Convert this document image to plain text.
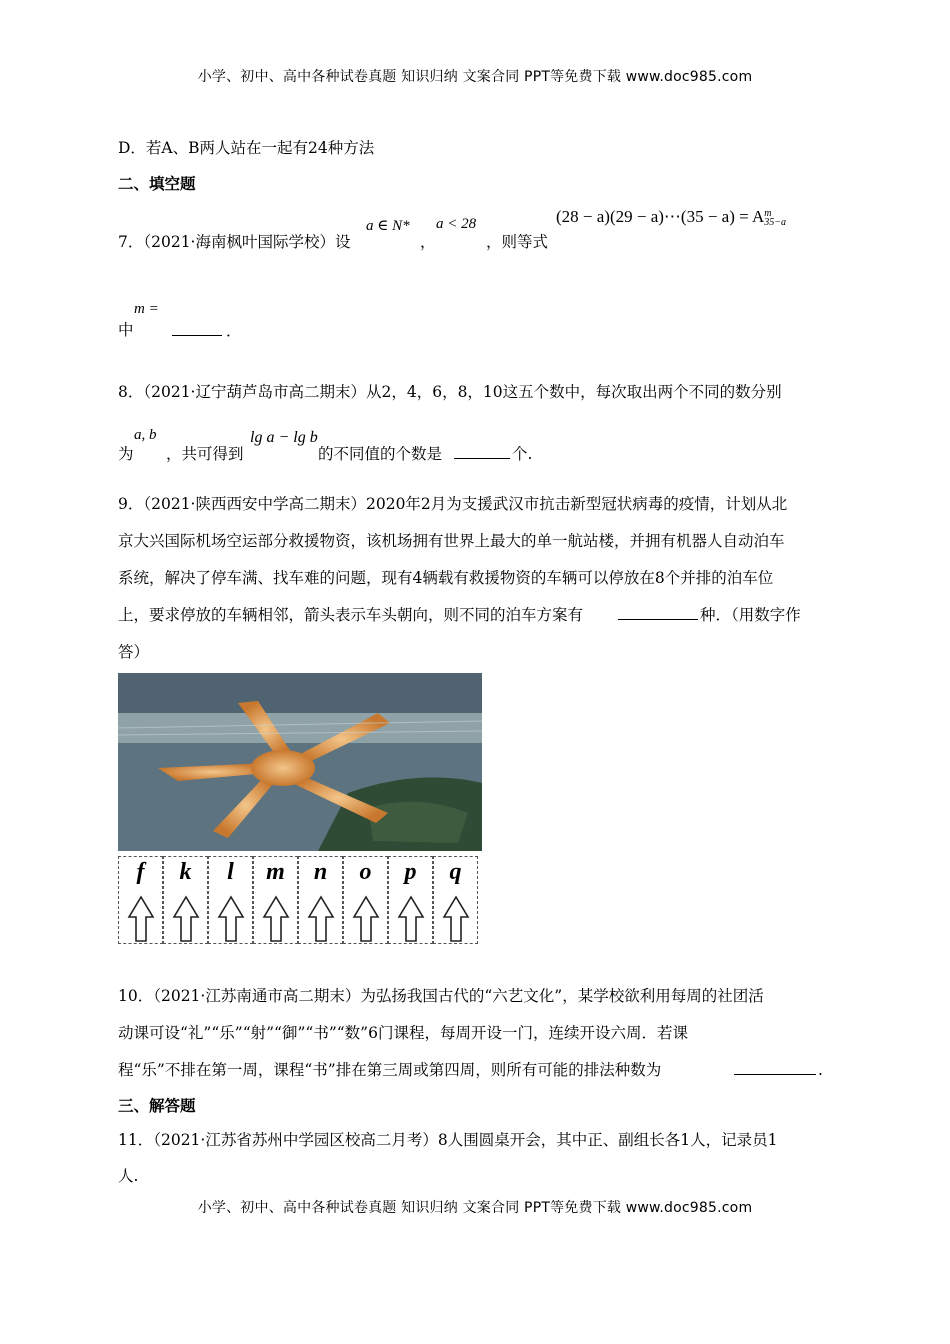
小学、初中、高中各种试卷真题 知识归纳 文案合同 PPT等免费下载 www.doc985.com
D．若A、B两人站在一起有24种方法
二、填空题
7．（2021·海南枫叶国际学校）设
a ∈ N*
，
a < 28
，则等式
(28 − a)(29 − a)⋯(35 − a) = A m
35−a
m =
中	．
8．（2021·辽宁葫芦岛市高二期末）从2，4，6，8，10这五个数中，每次取出两个不同的数分别
为
a, b
，共可得到
lg a − lg b
的不同值的个数是	个.
9．（2021·陕西西安中学高二期末）2020年2月为支援武汉市抗击新型冠状病毒的疫情，计划从北
京大兴国际机场空运部分救援物资，该机场拥有世界上最大的单一航站楼，并拥有机器人自动泊车
系统，解决了停车满、找车难的问题，现有4辆载有救援物资的车辆可以停放在8个并排的泊车位
上，要求停放的车辆相邻，箭头表示车头朝向，则不同的泊车方案有	种．（用数字作
答）
f	k	l	m	n	o	p	q
10．（2021·江苏南通市高二期末）为弘扬我国古代的“六艺文化”，某学校欲利用每周的社团活
动课可设“礼”“乐”“射”“御”“书”“数”6门课程，每周开设一门，连续开设六周．若课
程“乐”不排在第一周，课程“书”排在第三周或第四周，则所有可能的排法种数为	.
三、解答题
11．（2021·江苏省苏州中学园区校高二月考）8人围圆桌开会，其中正、副组长各1人，记录员1
人.
小学、初中、高中各种试卷真题 知识归纳 文案合同 PPT等免费下载 www.doc985.com
